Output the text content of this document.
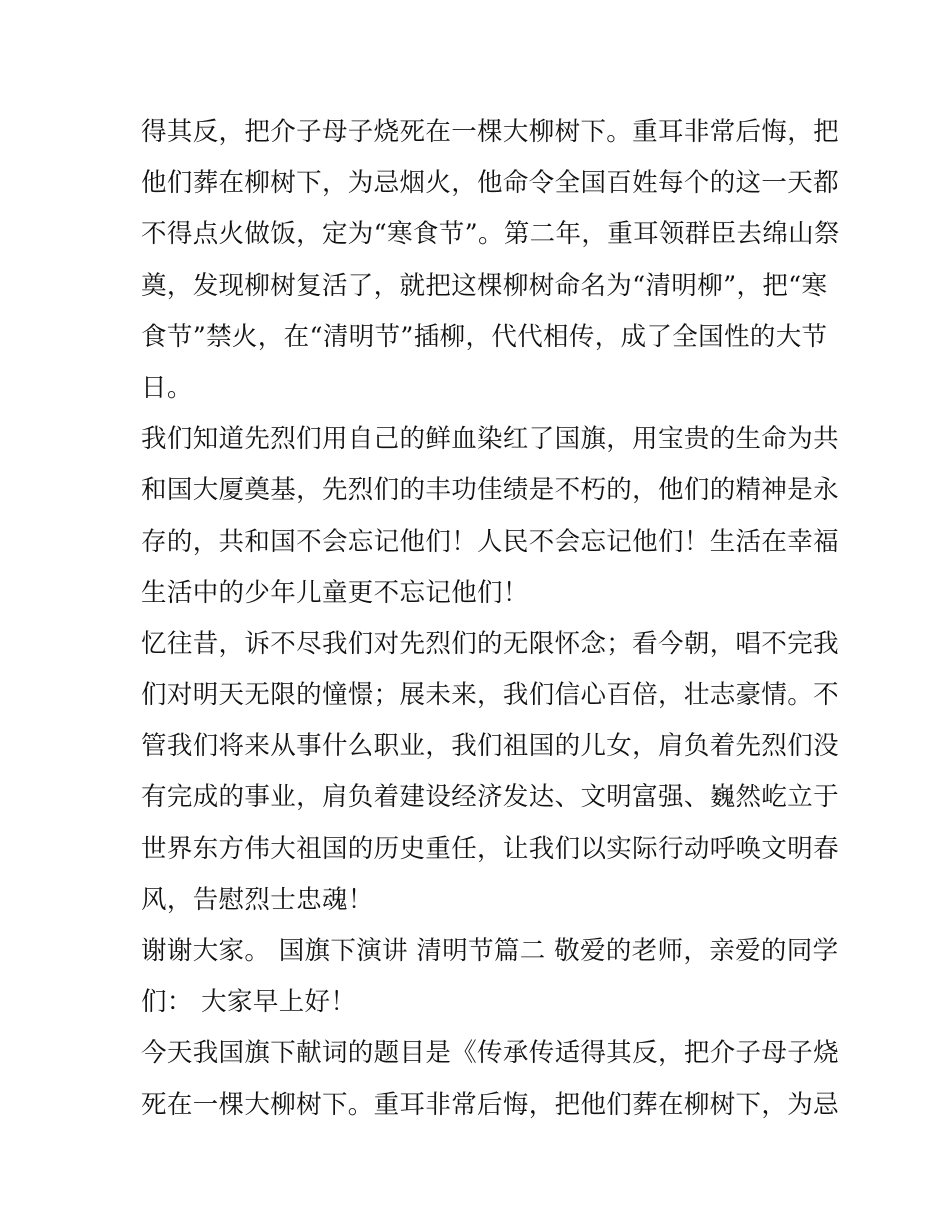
得其反，把介子母子烧死在一棵大柳树下。重耳非常后悔，把
他们葬在柳树下，为忌烟火，他命令全国百姓每个的这一天都
不得点火做饭，定为“寒食节”。第二年，重耳领群臣去绵山祭
奠，发现柳树复活了，就把这棵柳树命名为“清明柳”，把“寒
食节”禁火，在“清明节”插柳，代代相传，成了全国性的大节
日。
我们知道先烈们用自己的鲜血染红了国旗，用宝贵的生命为共
和国大厦奠基，先烈们的丰功佳绩是不朽的，他们的精神是永
存的，共和国不会忘记他们！人民不会忘记他们！生活在幸福
生活中的少年儿童更不忘记他们！
忆往昔，诉不尽我们对先烈们的无限怀念；看今朝，唱不完我
们对明天无限的憧憬；展未来，我们信心百倍，壮志豪情。不
管我们将来从事什么职业，我们祖国的儿女，肩负着先烈们没
有完成的事业，肩负着建设经济发达、文明富强、巍然屹立于
世界东方伟大祖国的历史重任，让我们以实际行动呼唤文明春
风，告慰烈士忠魂！
谢谢大家。 国旗下演讲 清明节篇二 敬爱的老师，亲爱的同学
们： 大家早上好！
今天我国旗下献词的题目是《传承传适得其反，把介子母子烧
死在一棵大柳树下。重耳非常后悔，把他们葬在柳树下，为忌
